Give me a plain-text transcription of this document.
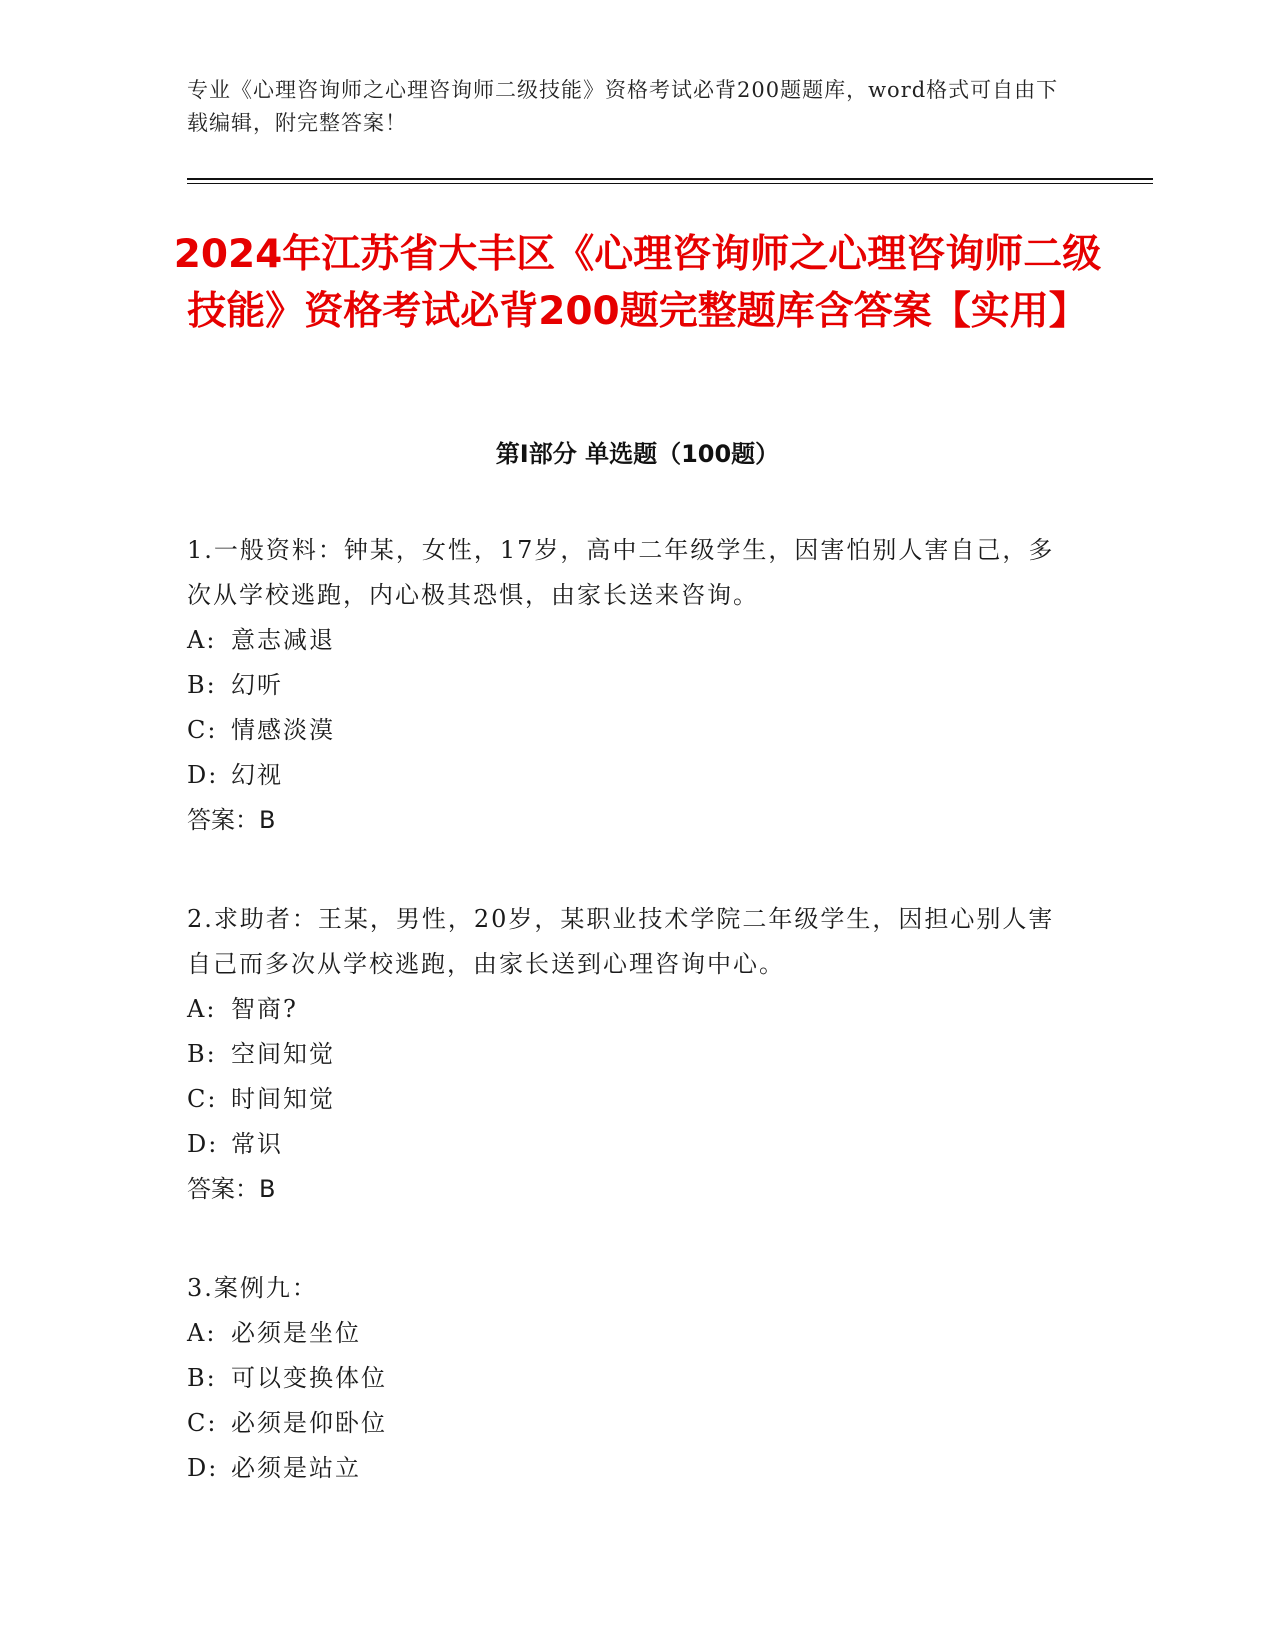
专业《心理咨询师之心理咨询师二级技能》资格考试必背200题题库，word格式可自由下载编辑，附完整答案！
2024年江苏省大丰区《心理咨询师之心理咨询师二级技能》资格考试必背200题完整题库含答案【实用】
第Ⅰ部分 单选题（100题）

1.一般资料：钟某，女性，17岁，高中二年级学生，因害怕别人害自己，多次从学校逃跑，内心极其恐惧，由家长送来咨询。

A: 意志减退

B: 幻听

C: 情感淡漠

D: 幻视

答案：B

2.求助者：王某，男性，20岁，某职业技术学院二年级学生，因担心别人害自己而多次从学校逃跑，由家长送到心理咨询中心。

A: 智商?

B: 空间知觉

C: 时间知觉

D: 常识

答案：B

3.案例九：

A: 必须是坐位

B: 可以变换体位

C: 必须是仰卧位

D: 必须是站立
